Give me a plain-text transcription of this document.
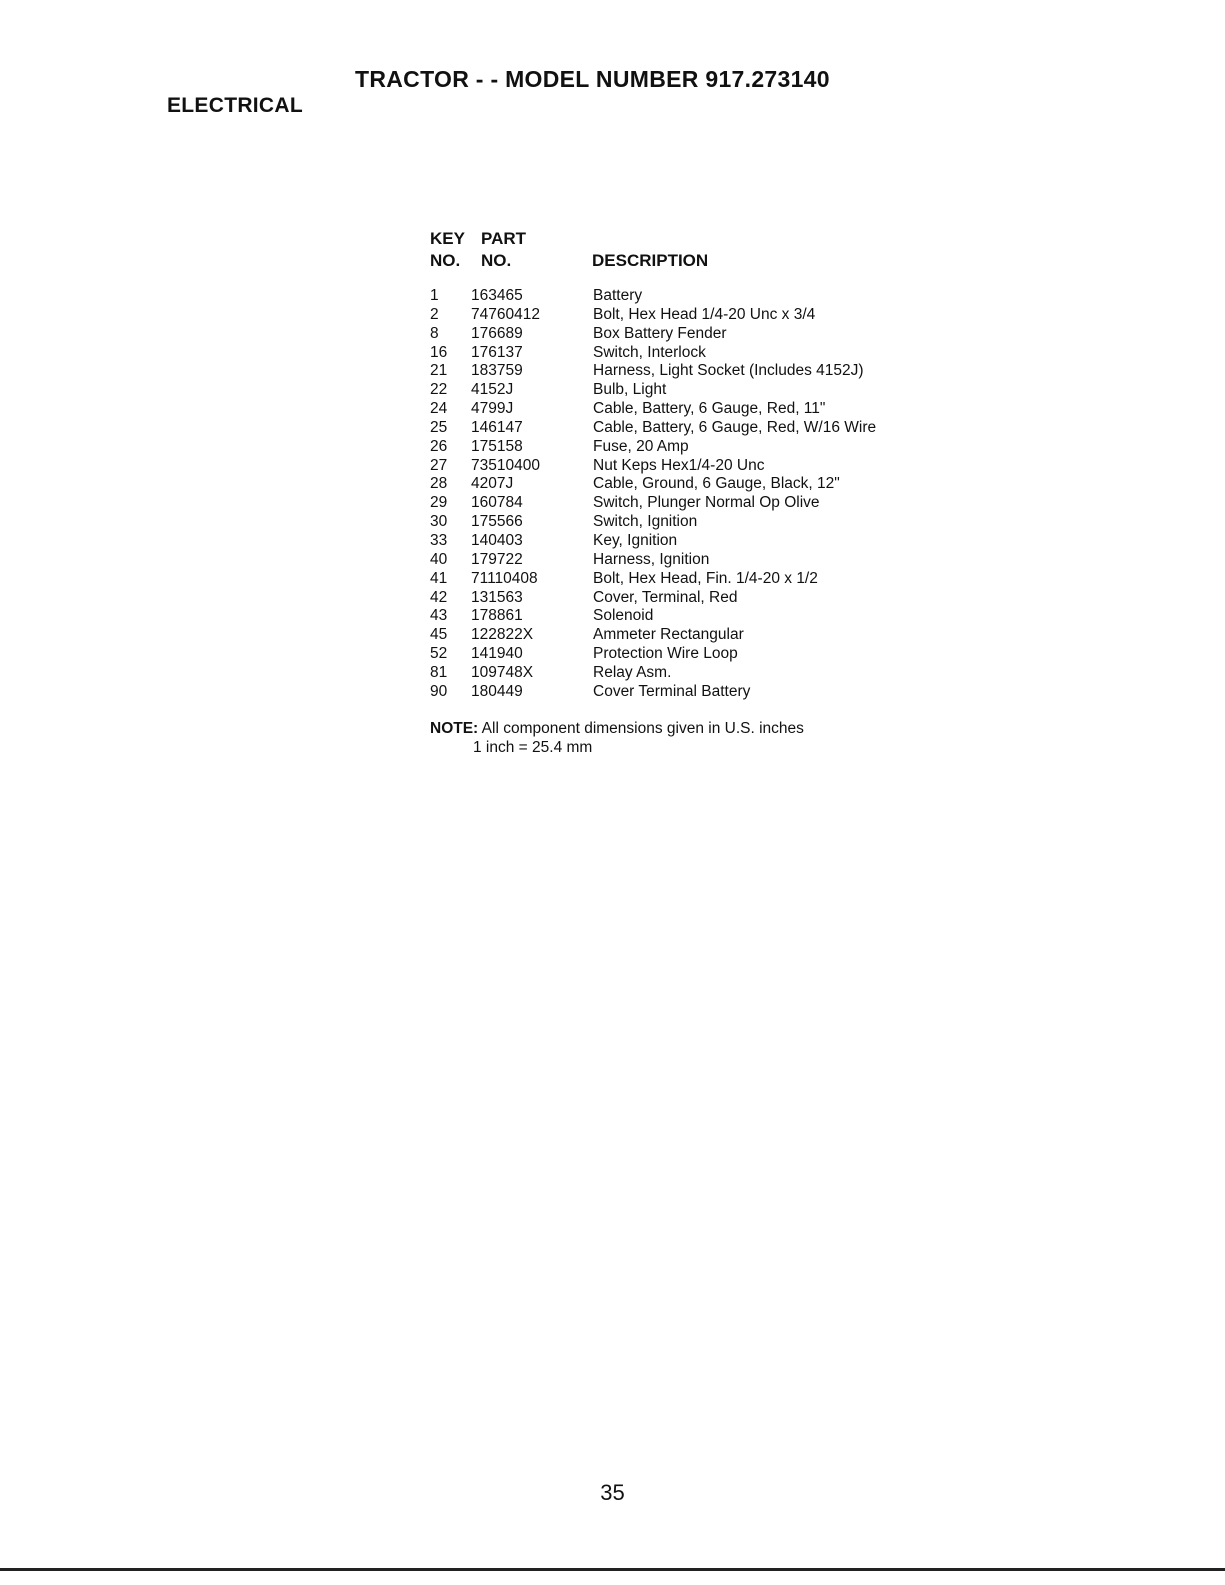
TRACTOR - - MODEL NUMBER 917.273140
ELECTRICAL
KEY
NO.
PART
NO.	DESCRIPTION
1 163465	Battery
2 74760412	Bolt, Hex Head 1/4-20 Unc x 3/4
8 176689	Box Battery Fender
16 176137	Switch, Interlock
21 183759	Harness, Light Socket (Includes 4152J)
22 4152J	Bulb, Light
24 4799J	Cable, Battery, 6 Gauge, Red, 11"
25 146147	Cable, Battery, 6 Gauge, Red, W/16 Wire
26 175158	Fuse, 20 Amp
27 73510400	Nut Keps Hex1/4-20 Unc
28 4207J	Cable, Ground, 6 Gauge, Black, 12"
29 160784	Switch, Plunger Normal Op Olive
30 175566	Switch, Ignition
33 140403	Key, Ignition
40 179722	Harness, Ignition
41 71110408	Bolt, Hex Head, Fin. 1/4-20 x 1/2
42 131563	Cover, Terminal, Red
43 178861	Solenoid
45 122822X	Ammeter Rectangular
52 141940	Protection Wire Loop
81 109748X	Relay Asm.
90 180449	Cover Terminal Battery
NOTE: All component dimensions given in U.S. inches
1 inch = 25.4 mm
35
